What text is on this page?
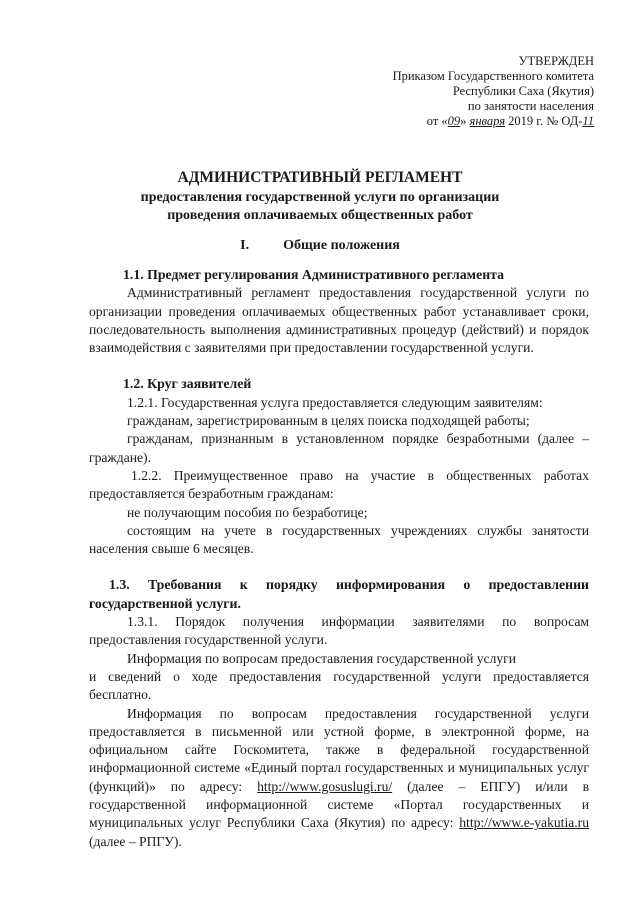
УТВЕРЖДЕН
Приказом Государственного комитета
Республики Саха (Якутия)
по занятости населения
от «09» января 2019 г. № ОД-11
АДМИНИСТРАТИВНЫЙ РЕГЛАМЕНТ
предоставления государственной услуги по организации
проведения оплачиваемых общественных работ
I. Общие положения
1.1. Предмет регулирования Административного регламента

Административный регламент предоставления государственной услуги по организации проведения оплачиваемых общественных работ устанавливает сроки, последовательность выполнения административных процедур (действий) и порядок взаимодействия с заявителями при предоставлении государственной услуги.

1.2. Круг заявителей

1.2.1. Государственная услуга предоставляется следующим заявителям:

гражданам, зарегистрированным в целях поиска подходящей работы;

гражданам, признанным в установленном порядке безработными (далее – граждане).

1.2.2. Преимущественное право на участие в общественных работах предоставляется безработным гражданам:

не получающим пособия по безработице;

состоящим на учете в государственных учреждениях службы занятости населения свыше 6 месяцев.

1.3. Требования к порядку информирования о предоставлении государственной услуги.

1.3.1. Порядок получения информации заявителями по вопросам предоставления государственной услуги.

Информация по вопросам предоставления государственной услуги

и сведений о ходе предоставления государственной услуги предоставляется бесплатно.

Информация по вопросам предоставления государственной услуги предоставляется в письменной или устной форме, в электронной форме, на официальном сайте Госкомитета, также в федеральной государственной информационной системе «Единый портал государственных и муниципальных услуг (функций)» по адресу: http://www.gosuslugi.ru/ (далее – ЕПГУ) и/или в государственной информационной системе «Портал государственных и муниципальных услуг Республики Саха (Якутия) по адресу: http://www.e-yakutia.ru (далее – РПГУ).
